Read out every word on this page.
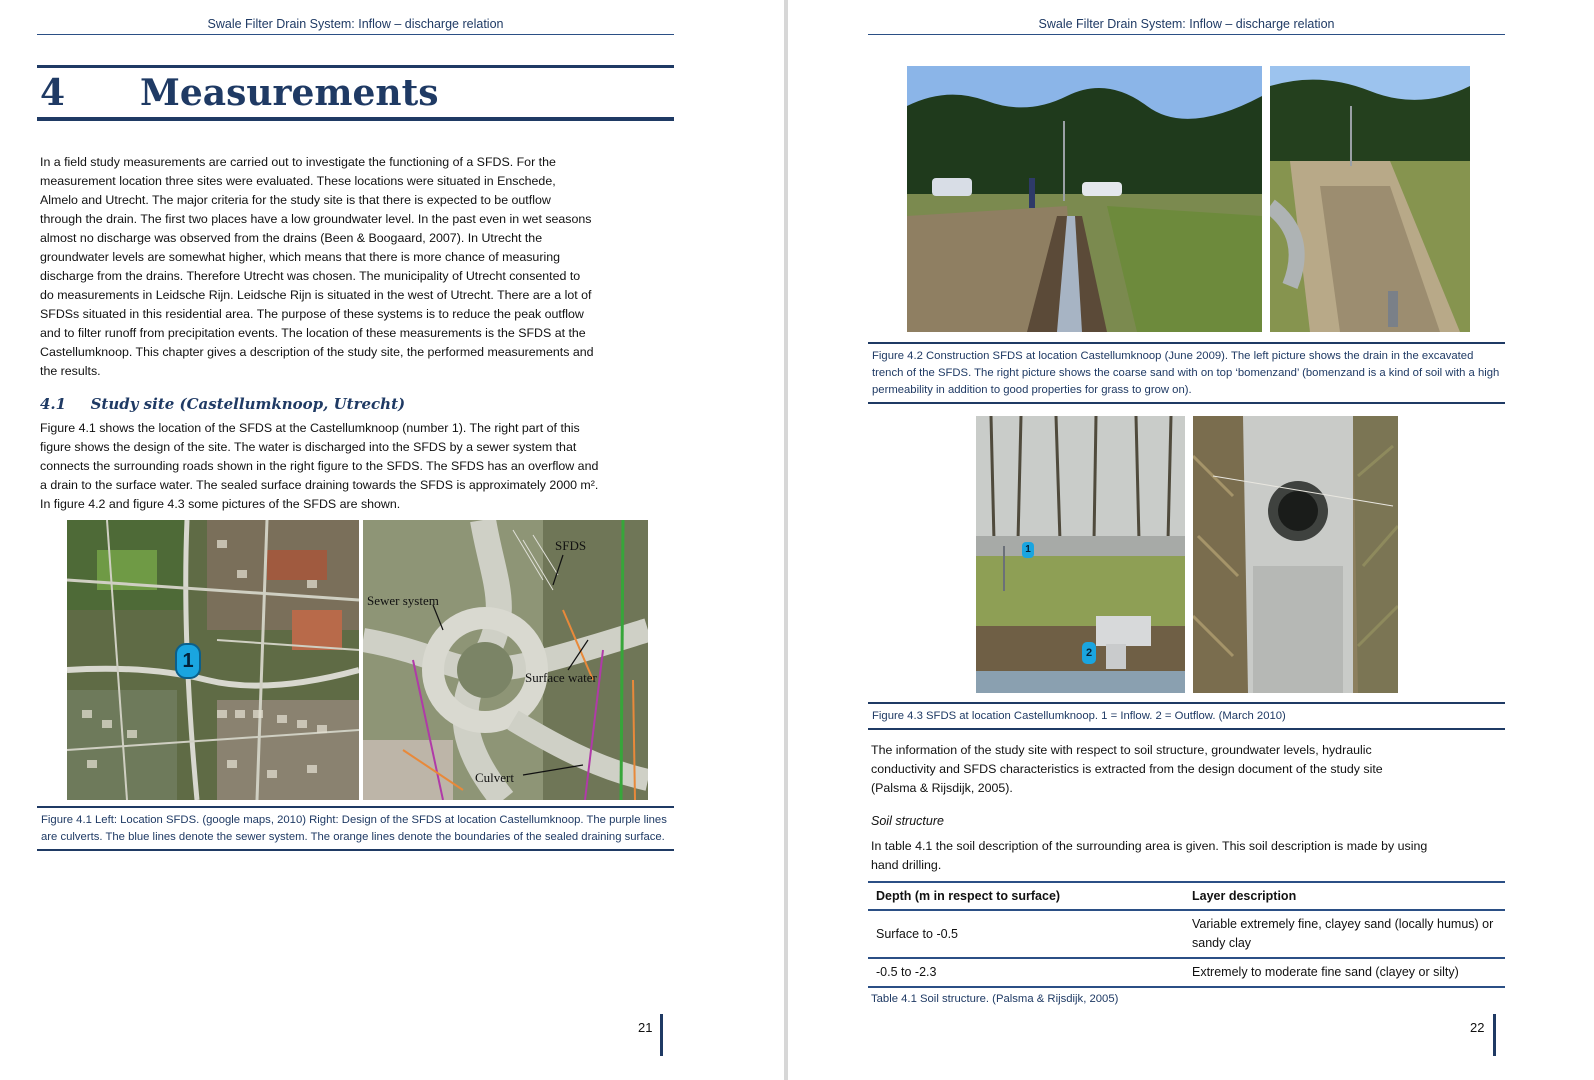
Swale Filter Drain System: Inflow – discharge relation
4 Measurements

In a field study measurements are carried out to investigate the functioning of a SFDS. For the

measurement location three sites were evaluated. These locations were situated in Enschede,

Almelo and Utrecht. The major criteria for the study site is that there is expected to be outflow

through the drain. The first two places have a low groundwater level. In the past even in wet seasons

almost no discharge was observed from the drains (Been & Boogaard, 2007). In Utrecht the

groundwater levels are somewhat higher, which means that there is more chance of measuring

discharge from the drains. Therefore Utrecht was chosen. The municipality of Utrecht consented to

do measurements in Leidsche Rijn. Leidsche Rijn is situated in the west of Utrecht. There are a lot of

SFDSs situated in this residential area. The purpose of these systems is to reduce the peak outflow

and to filter runoff from precipitation events. The location of these measurements is the SFDS at the

Castellumknoop. This chapter gives a description of the study site, the performed measurements and

the results.

4.1 Study site (Castellumknoop, Utrecht)

Figure 4.1 shows the location of the SFDS at the Castellumknoop (number 1). The right part of this

figure shows the design of the site. The water is discharged into the SFDS by a sewer system that

connects the surrounding roads shown in the right figure to the SFDS. The SFDS has an overflow and

a drain to the surface water. The sealed surface draining towards the SFDS is approximately 2000 m².

In figure 4.2 and figure 4.3 some pictures of the SFDS are shown.

1
SFDS
Sewer system
Surface water
Culvert
Figure 4.1 Left: Location SFDS. (google maps, 2010) Right: Design of the SFDS at location Castellumknoop. The purple lines are culverts. The blue lines denote the sewer system. The orange lines denote the boundaries of the sealed draining surface.
21
Swale Filter Drain System: Inflow – discharge relation
Figure 4.2 Construction SFDS at location Castellumknoop (June 2009). The left picture shows the drain in the excavated trench of the SFDS. The right picture shows the coarse sand with on top ‘bomenzand’ (bomenzand is a kind of soil with a high permeability in addition to good properties for grass to grow on).
1
2
Figure 4.3 SFDS at location Castellumknoop. 1 = Inflow. 2 = Outflow. (March 2010)

The information of the study site with respect to soil structure, groundwater levels, hydraulic

conductivity and SFDS characteristics is extracted from the design document of the study site

(Palsma & Rijsdijk, 2005).

Soil structure

In table 4.1 the soil description of the surrounding area is given. This soil description is made by using

hand drilling.

Depth (m in respect to surface)	Layer description
Surface to -0.5	Variable extremely fine, clayey sand (locally humus) or sandy clay
-0.5 to -2.3	Extremely to moderate fine sand (clayey or silty)
Table 4.1 Soil structure. (Palsma & Rijsdijk, 2005)
22
